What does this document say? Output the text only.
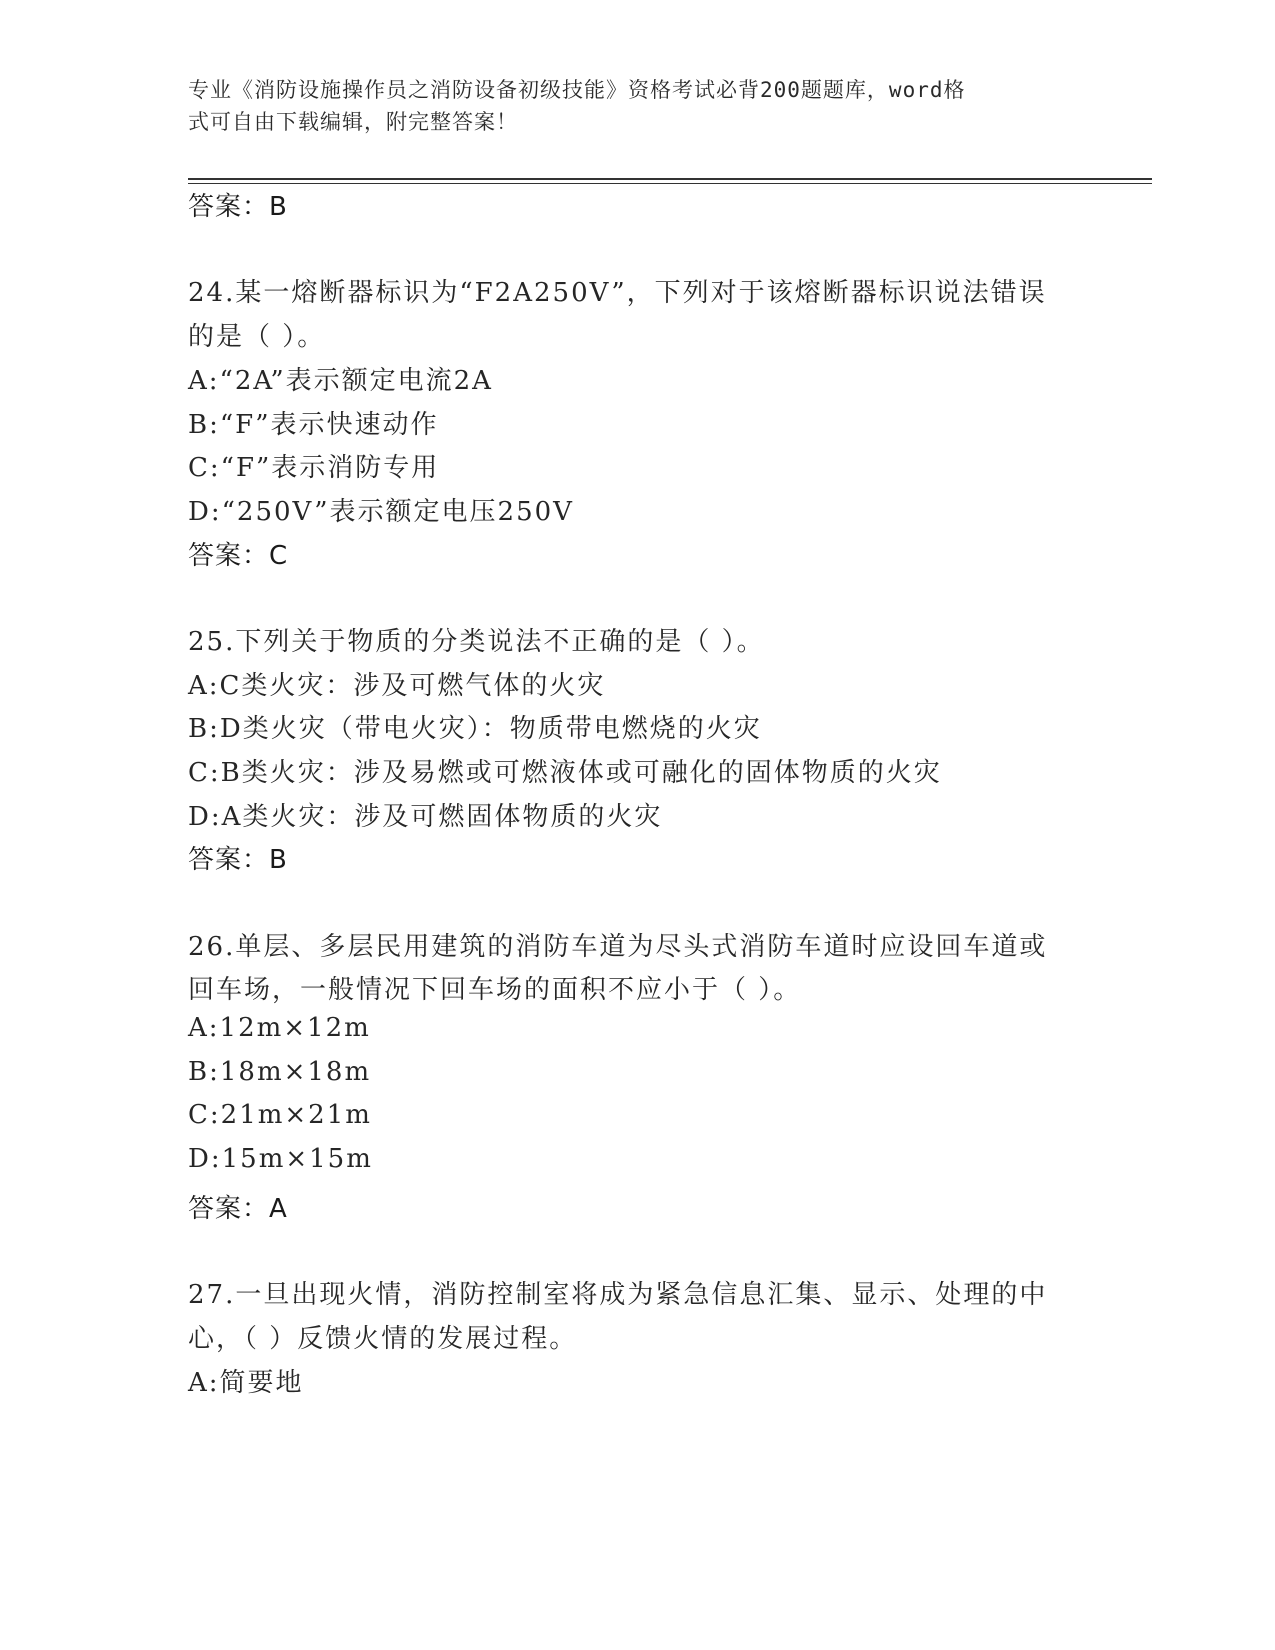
专业《消防设施操作员之消防设备初级技能》资格考试必背200题题库，word格
式可自由下载编辑，附完整答案！
答案：B
24.某一熔断器标识为“F2A250V”，下列对于该熔断器标识说法错误
的是（ ）。
A:“2A”表示额定电流2A
B:“F”表示快速动作
C:“F”表示消防专用
D:“250V”表示额定电压250V
答案：C
25.下列关于物质的分类说法不正确的是（ ）。
A:C类火灾：涉及可燃气体的火灾
B:D类火灾（带电火灾）：物质带电燃烧的火灾
C:B类火灾：涉及易燃或可燃液体或可融化的固体物质的火灾
D:A类火灾：涉及可燃固体物质的火灾
答案：B
26.单层、多层民用建筑的消防车道为尽头式消防车道时应设回车道或
回车场，一般情况下回车场的面积不应小于（ ）。
A:12m×12m
B:18m×18m
C:21m×21m
D:15m×15m
答案：A
27.一旦出现火情，消防控制室将成为紧急信息汇集、显示、处理的中
心，（ ）反馈火情的发展过程。
A:简要地
